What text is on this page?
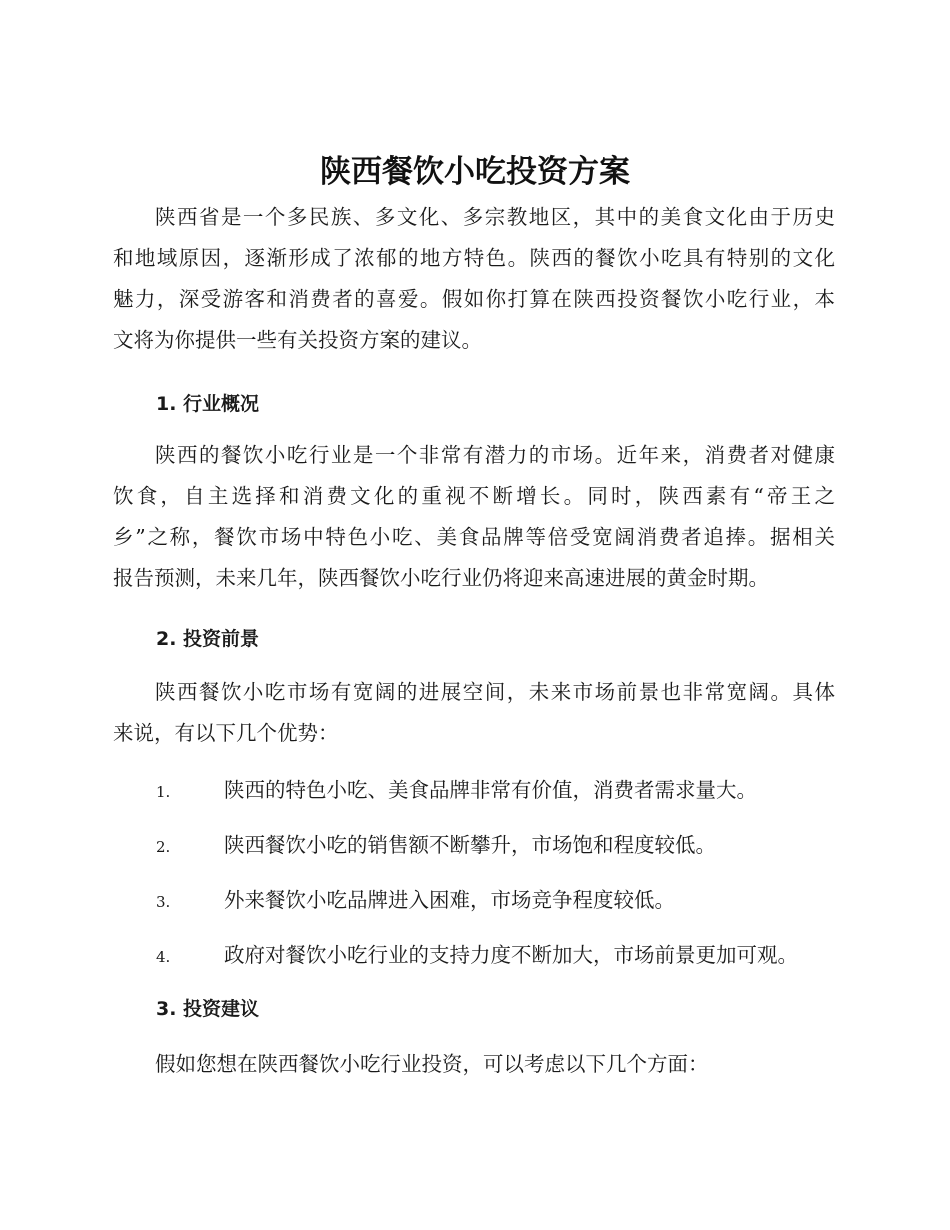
陕西餐饮小吃投资方案
陕西省是一个多民族、多文化、多宗教地区，其中的美食文化由于历史
和地域原因，逐渐形成了浓郁的地方特色。陕西的餐饮小吃具有特别的文化
魅力，深受游客和消费者的喜爱。假如你打算在陕西投资餐饮小吃行业，本
文将为你提供一些有关投资方案的建议。
1. 行业概况
陕西的餐饮小吃行业是一个非常有潜力的市场。近年来，消费者对健康
饮食，自主选择和消费文化的重视不断增长。同时，陕西素有“帝王之
乡”之称，餐饮市场中特色小吃、美食品牌等倍受宽阔消费者追捧。据相关
报告预测，未来几年，陕西餐饮小吃行业仍将迎来高速进展的黄金时期。
2. 投资前景
陕西餐饮小吃市场有宽阔的进展空间，未来市场前景也非常宽阔。具体
来说，有以下几个优势：
1.	陕西的特色小吃、美食品牌非常有价值，消费者需求量大。
2.	陕西餐饮小吃的销售额不断攀升，市场饱和程度较低。
3.	外来餐饮小吃品牌进入困难，市场竞争程度较低。
4.	政府对餐饮小吃行业的支持力度不断加大，市场前景更加可观。
3. 投资建议
假如您想在陕西餐饮小吃行业投资，可以考虑以下几个方面：
